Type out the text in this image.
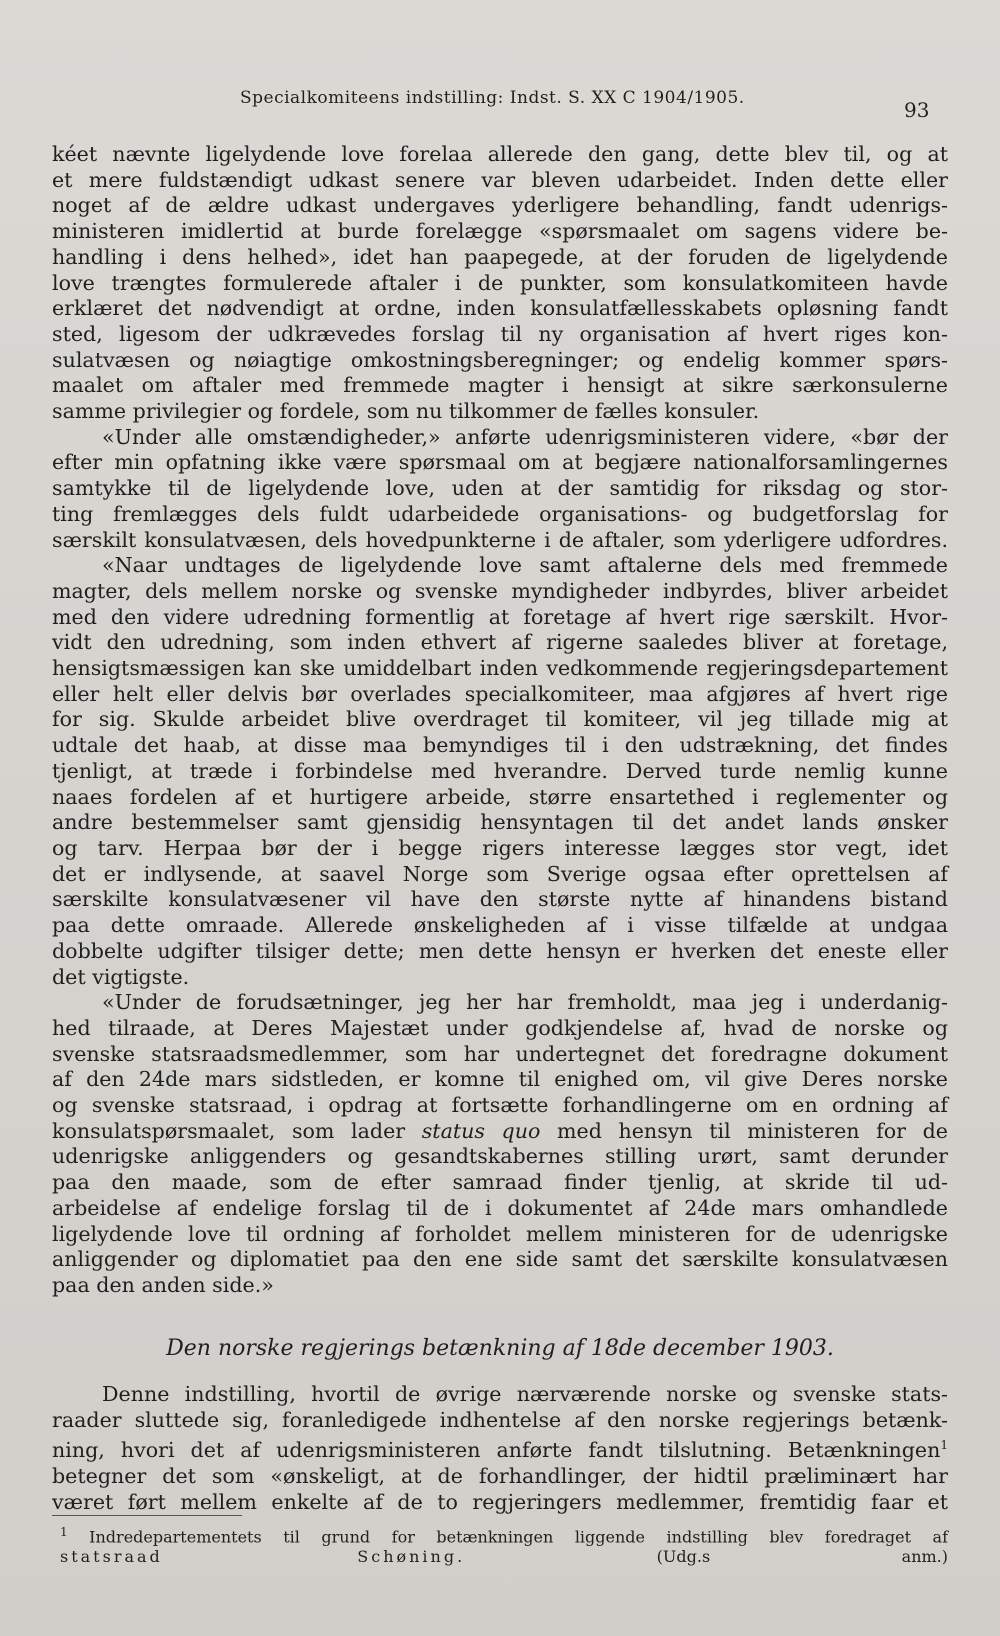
Specialkomiteens indstilling: Indst. S. XX C 1904/1905.	93
kéet nævnte ligelydende love forelaa allerede den gang, dette blev til, og at
et mere fuldstændigt udkast senere var bleven udarbeidet. Inden dette eller
noget af de ældre udkast undergaves yderligere behandling, fandt udenrigs-
ministeren imidlertid at burde forelægge «spørsmaalet om sagens videre be-
handling i dens helhed», idet han paapegede, at der foruden de ligelydende
love trængtes formulerede aftaler i de punkter, som konsulatkomiteen havde
erklæret det nødvendigt at ordne, inden konsulatfællesskabets opløsning fandt
sted, ligesom der udkrævedes forslag til ny organisation af hvert riges kon-
sulatvæsen og nøiagtige omkostningsberegninger; og endelig kommer spørs-
maalet om aftaler med fremmede magter i hensigt at sikre særkonsulerne
samme privilegier og fordele, som nu tilkommer de fælles konsuler.
«Under alle omstændigheder,» anførte udenrigsministeren videre, «bør der
efter min opfatning ikke være spørsmaal om at begjære nationalforsamlingernes
samtykke til de ligelydende love, uden at der samtidig for riksdag og stor-
ting fremlægges dels fuldt udarbeidede organisations- og budgetforslag for
særskilt konsulatvæsen, dels hovedpunkterne i de aftaler, som yderligere udfordres.
«Naar undtages de ligelydende love samt aftalerne dels med fremmede
magter, dels mellem norske og svenske myndigheder indbyrdes, bliver arbeidet
med den videre udredning formentlig at foretage af hvert rige særskilt. Hvor-
vidt den udredning, som inden ethvert af rigerne saaledes bliver at foretage,
hensigtsmæssigen kan ske umiddelbart inden vedkommende regjeringsdepartement
eller helt eller delvis bør overlades specialkomiteer, maa afgjøres af hvert rige
for sig. Skulde arbeidet blive overdraget til komiteer, vil jeg tillade mig at
udtale det haab, at disse maa bemyndiges til i den udstrækning, det findes
tjenligt, at træde i forbindelse med hverandre. Derved turde nemlig kunne
naaes fordelen af et hurtigere arbeide, større ensartethed i reglementer og
andre bestemmelser samt gjensidig hensyntagen til det andet lands ønsker
og tarv. Herpaa bør der i begge rigers interesse lægges stor vegt, idet
det er indlysende, at saavel Norge som Sverige ogsaa efter oprettelsen af
særskilte konsulatvæsener vil have den største nytte af hinandens bistand
paa dette omraade. Allerede ønskeligheden af i visse tilfælde at undgaa
dobbelte udgifter tilsiger dette; men dette hensyn er hverken det eneste eller
det vigtigste.
«Under de forudsætninger, jeg her har fremholdt, maa jeg i underdanig-
hed tilraade, at Deres Majestæt under godkjendelse af, hvad de norske og
svenske statsraadsmedlemmer, som har undertegnet det foredragne dokument
af den 24de mars sidstleden, er komne til enighed om, vil give Deres norske
og svenske statsraad, i opdrag at fortsætte forhandlingerne om en ordning af
konsulatspørsmaalet, som lader status quo med hensyn til ministeren for de
udenrigske anliggenders og gesandtskabernes stilling urørt, samt derunder
paa den maade, som de efter samraad finder tjenlig, at skride til ud-
arbeidelse af endelige forslag til de i dokumentet af 24de mars omhandlede
ligelydende love til ordning af forholdet mellem ministeren for de udenrigske
anliggender og diplomatiet paa den ene side samt det særskilte konsulatvæsen
paa den anden side.»
Den norske regjerings betænkning af 18de december 1903.
Denne indstilling, hvortil de øvrige nærværende norske og svenske stats-
raader sluttede sig, foranledigede indhentelse af den norske regjerings betænk-
ning, hvori det af udenrigsministeren anførte fandt tilslutning. Betænkningen$^1$
betegner det som «ønskeligt, at de forhandlinger, der hidtil præliminært har
været ført mellem enkelte af de to regjeringers medlemmer, fremtidig faar et
$^1$ Indredepartementets til grund for betænkningen liggende indstilling blev foredraget af
statsraad Schøning.	(Udg.s anm.)
